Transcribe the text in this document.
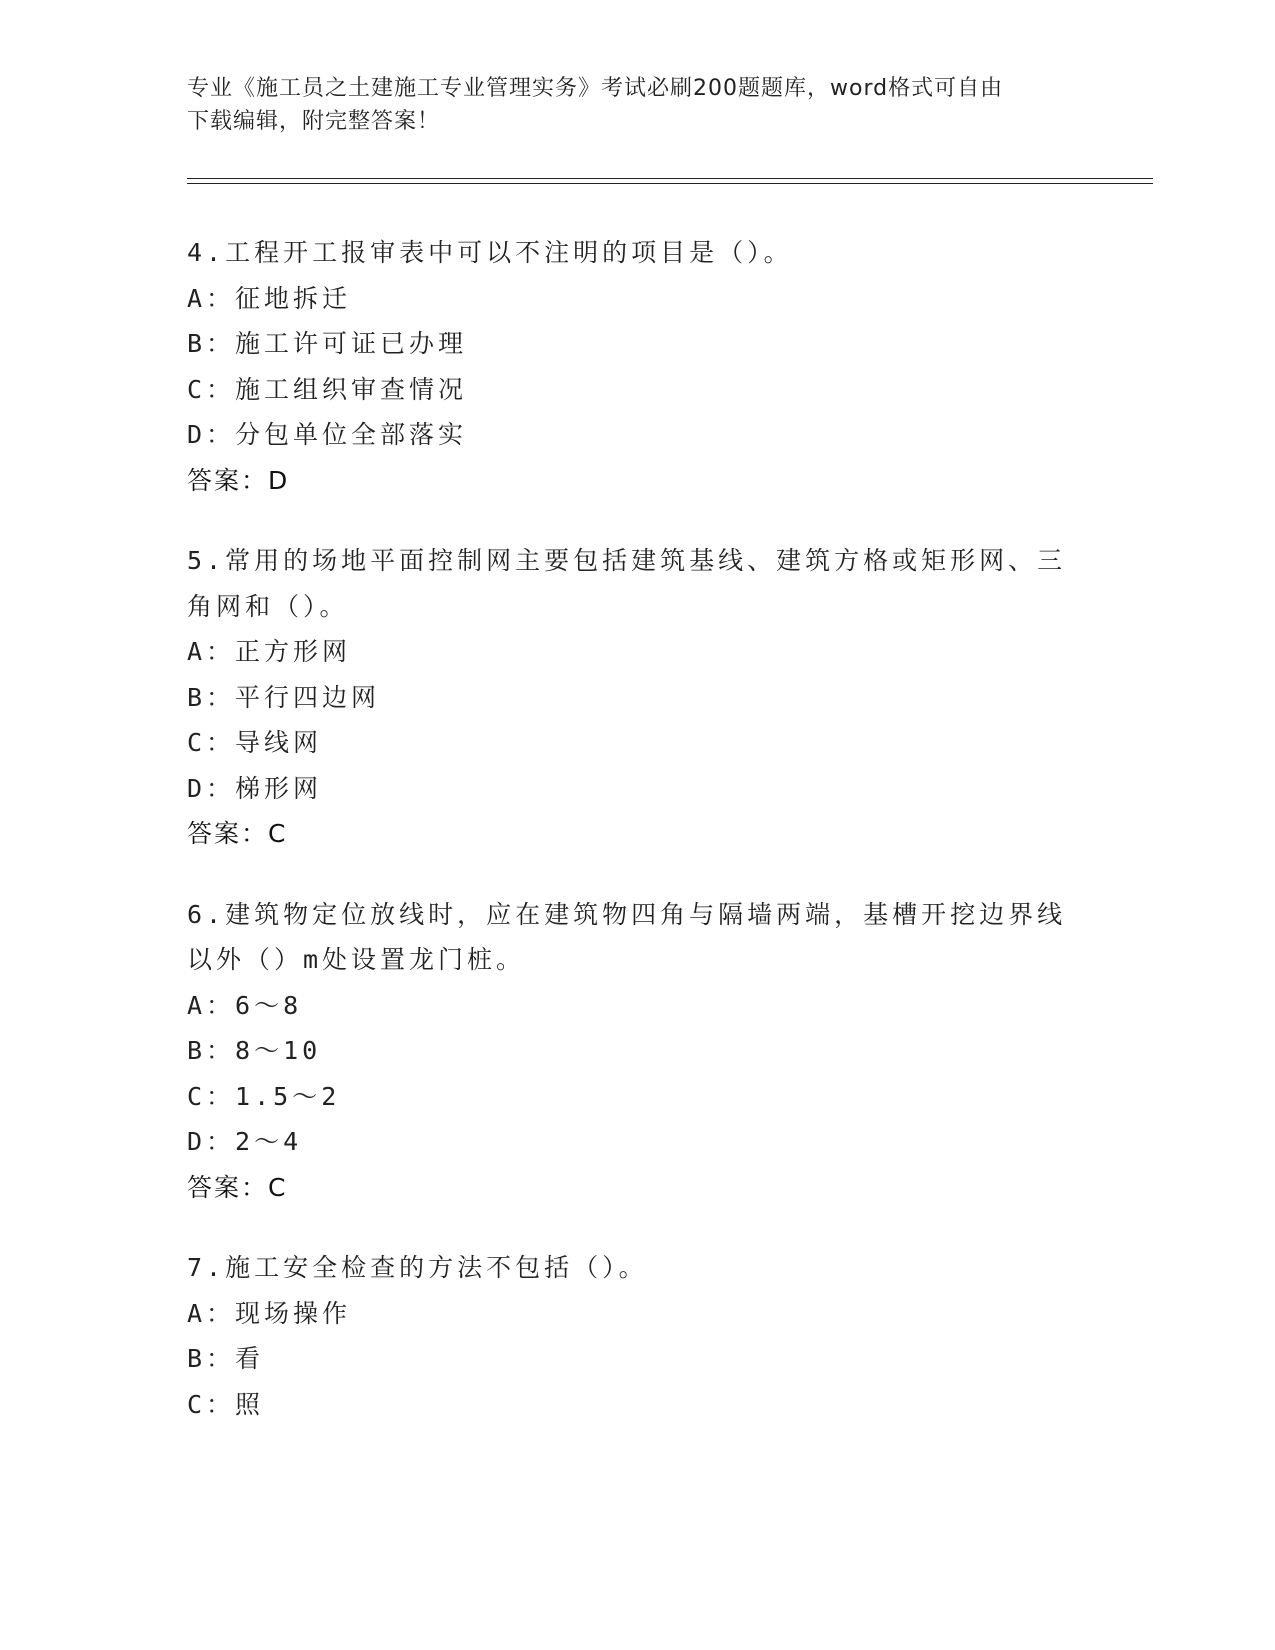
专业《施工员之土建施工专业管理实务》考试必刷200题题库，word格式可自由
下载编辑，附完整答案！
4.工程开工报审表中可以不注明的项目是（）。
A：征地拆迁
B：施工许可证已办理
C：施工组织审查情况
D：分包单位全部落实
答案：D
5.常用的场地平面控制网主要包括建筑基线、建筑方格或矩形网、三
角网和（）。
A：正方形网
B：平行四边网
C：导线网
D：梯形网
答案：C
6.建筑物定位放线时，应在建筑物四角与隔墙两端，基槽开挖边界线
以外（）m处设置龙门桩。
A：6～8
B：8～10
C：1.5～2
D：2～4
答案：C
7.施工安全检查的方法不包括（）。
A：现场操作
B：看
C：照
